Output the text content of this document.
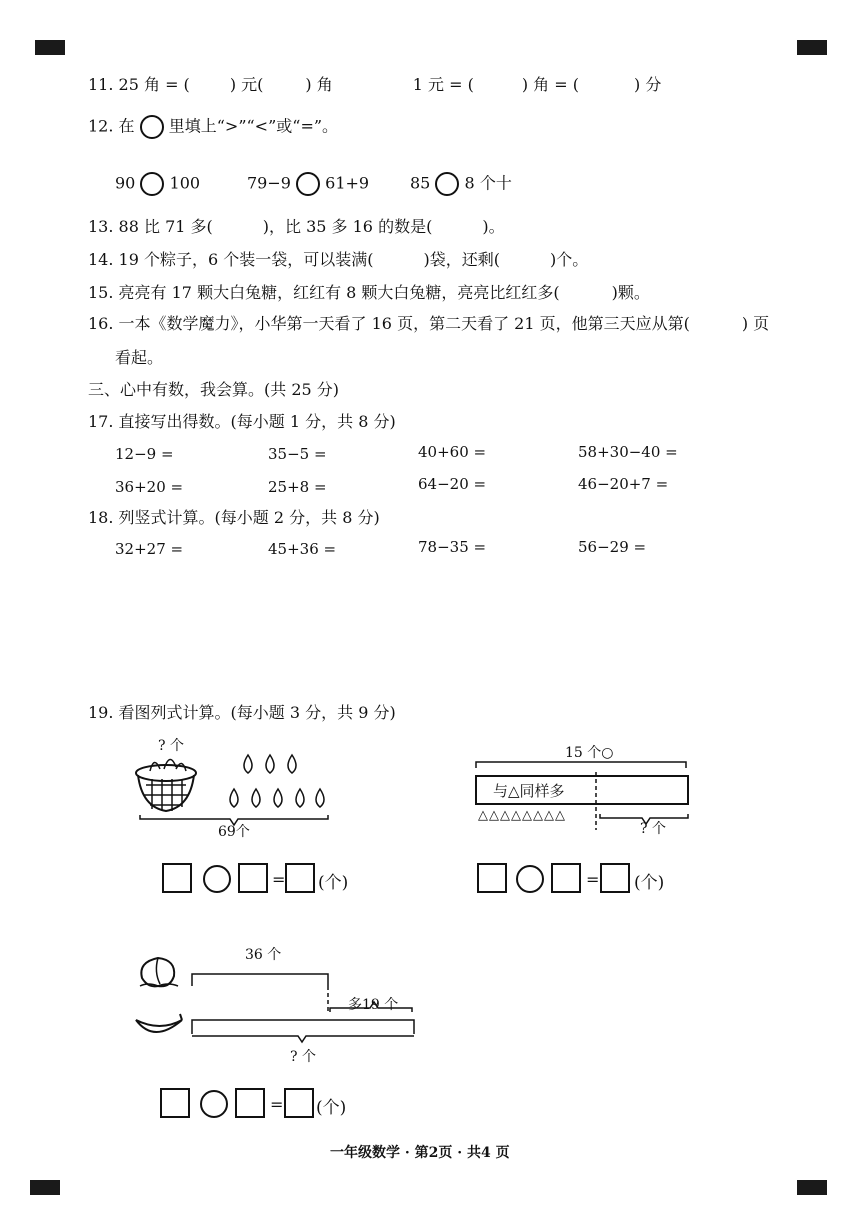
11. 25 角 = (	) 元(	) 角	1 元 = (	) 角 = (	) 分
12. 在 里填上“>”“<”或“=”。
90 100	79−9 61+9	85 8 个十
13. 88 比 71 多(	)，比 35 多 16 的数是(	)。
14. 19 个粽子，6 个装一袋，可以装满(	)袋，还剩(	)个。
15. 亮亮有 17 颗大白兔糖，红红有 8 颗大白兔糖，亮亮比红红多(	)颗。
16. 一本《数学魔力》，小华第一天看了 16 页，第二天看了 21 页，他第三天应从第(	) 页
看起。
三、心中有数，我会算。(共 25 分)
17. 直接写出得数。(每小题 1 分，共 8 分)
12−9 =	35−5 =	40+60 =	58+30−40 =
36+20 =	25+8 =	64−20 =	46−20+7 =
18. 列竖式计算。(每小题 2 分，共 8 分)
32+27 =	45+36 =	78−35 =	56−29 =
19. 看图列式计算。(每小题 3 分，共 9 分)
? 个
69个
15 个○
与△同样多
△△△△△△△△
? 个
= (个)	= (个)
36 个
多19 个
? 个
= (个)
一年级数学 · 第2页 · 共4 页
